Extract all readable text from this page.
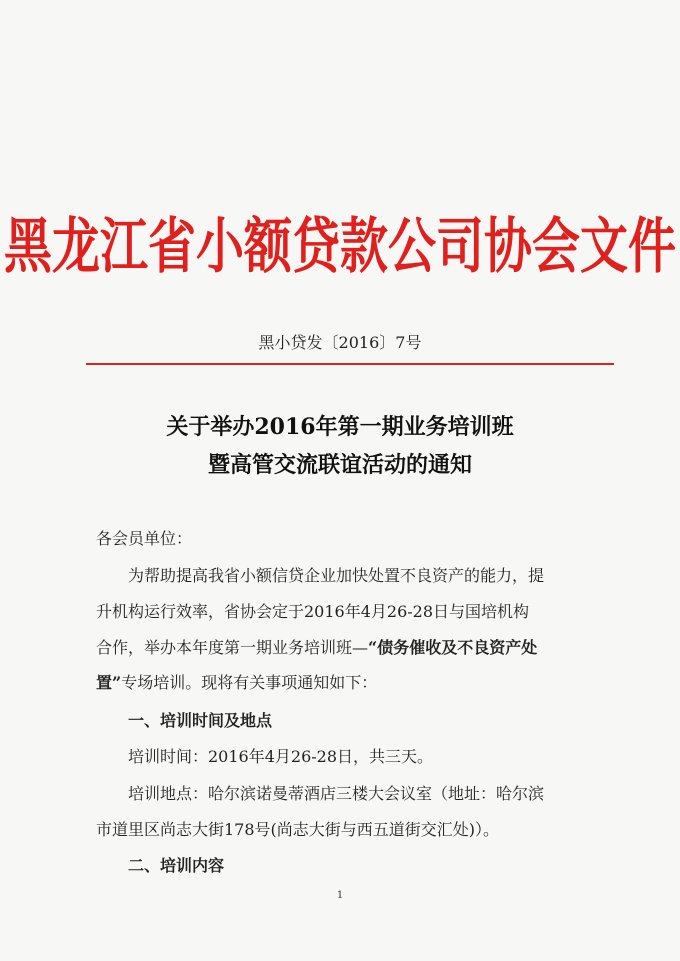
黑龙江省小额贷款公司协会文件
黑小贷发〔2016〕7号
关于举办2016年第一期业务培训班
暨高管交流联谊活动的通知
各会员单位：
为帮助提高我省小额信贷企业加快处置不良资产的能力，提
升机构运行效率，省协会定于2016年4月26-28日与国培机构
合作，举办本年度第一期业务培训班—“债务催收及不良资产处
置”专场培训。现将有关事项通知如下：
一、培训时间及地点
培训时间：2016年4月26-28日，共三天。
培训地点：哈尔滨诺曼蒂酒店三楼大会议室（地址：哈尔滨
市道里区尚志大街178号(尚志大街与西五道街交汇处)）。
二、培训内容
1
